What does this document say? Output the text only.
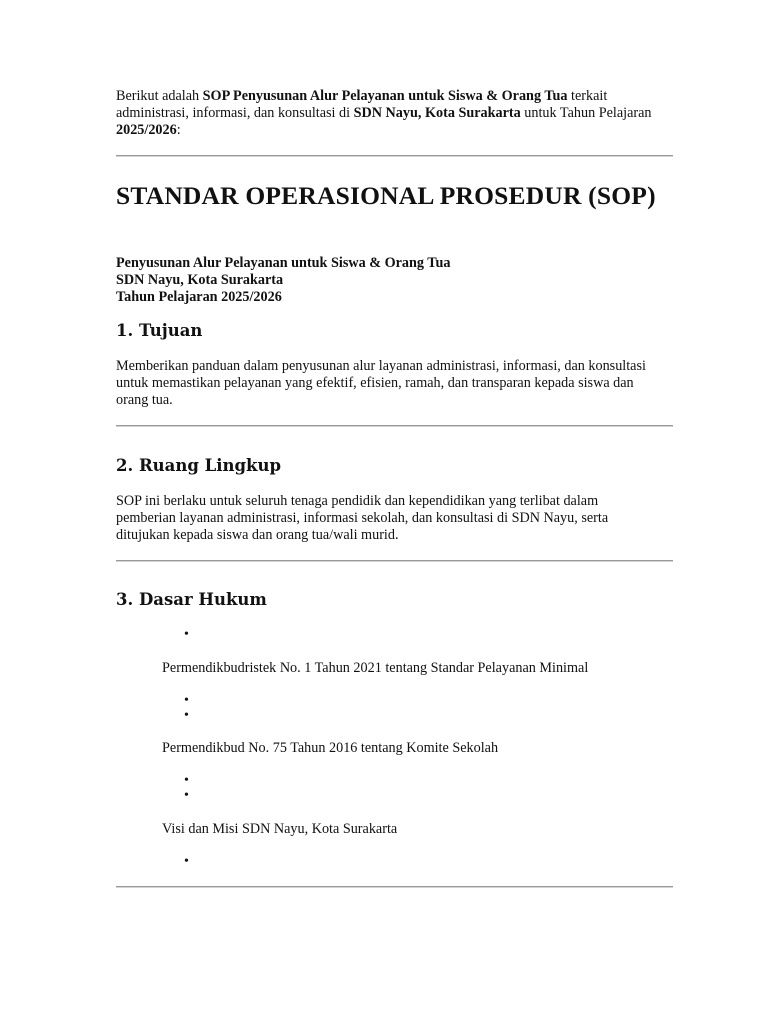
Berikut adalah SOP Penyusunan Alur Pelayanan untuk Siswa & Orang Tua terkait administrasi, informasi, dan konsultasi di SDN Nayu, Kota Surakarta untuk Tahun Pelajaran 2025/2026:
STANDAR OPERASIONAL PROSEDUR (SOP)
Penyusunan Alur Pelayanan untuk Siswa & Orang Tua
SDN Nayu, Kota Surakarta
Tahun Pelajaran 2025/2026
1. Tujuan

Memberikan panduan dalam penyusunan alur layanan administrasi, informasi, dan konsultasi untuk memastikan pelayanan yang efektif, efisien, ramah, dan transparan kepada siswa dan orang tua.

2. Ruang Lingkup

SOP ini berlaku untuk seluruh tenaga pendidik dan kependidikan yang terlibat dalam pemberian layanan administrasi, informasi sekolah, dan konsultasi di SDN Nayu, serta ditujukan kepada siswa dan orang tua/wali murid.

3. Dasar Hukum
•
Permendikbudristek No. 1 Tahun 2021 tentang Standar Pelayanan Minimal
•
•
Permendikbud No. 75 Tahun 2016 tentang Komite Sekolah
•
•
Visi dan Misi SDN Nayu, Kota Surakarta
•
